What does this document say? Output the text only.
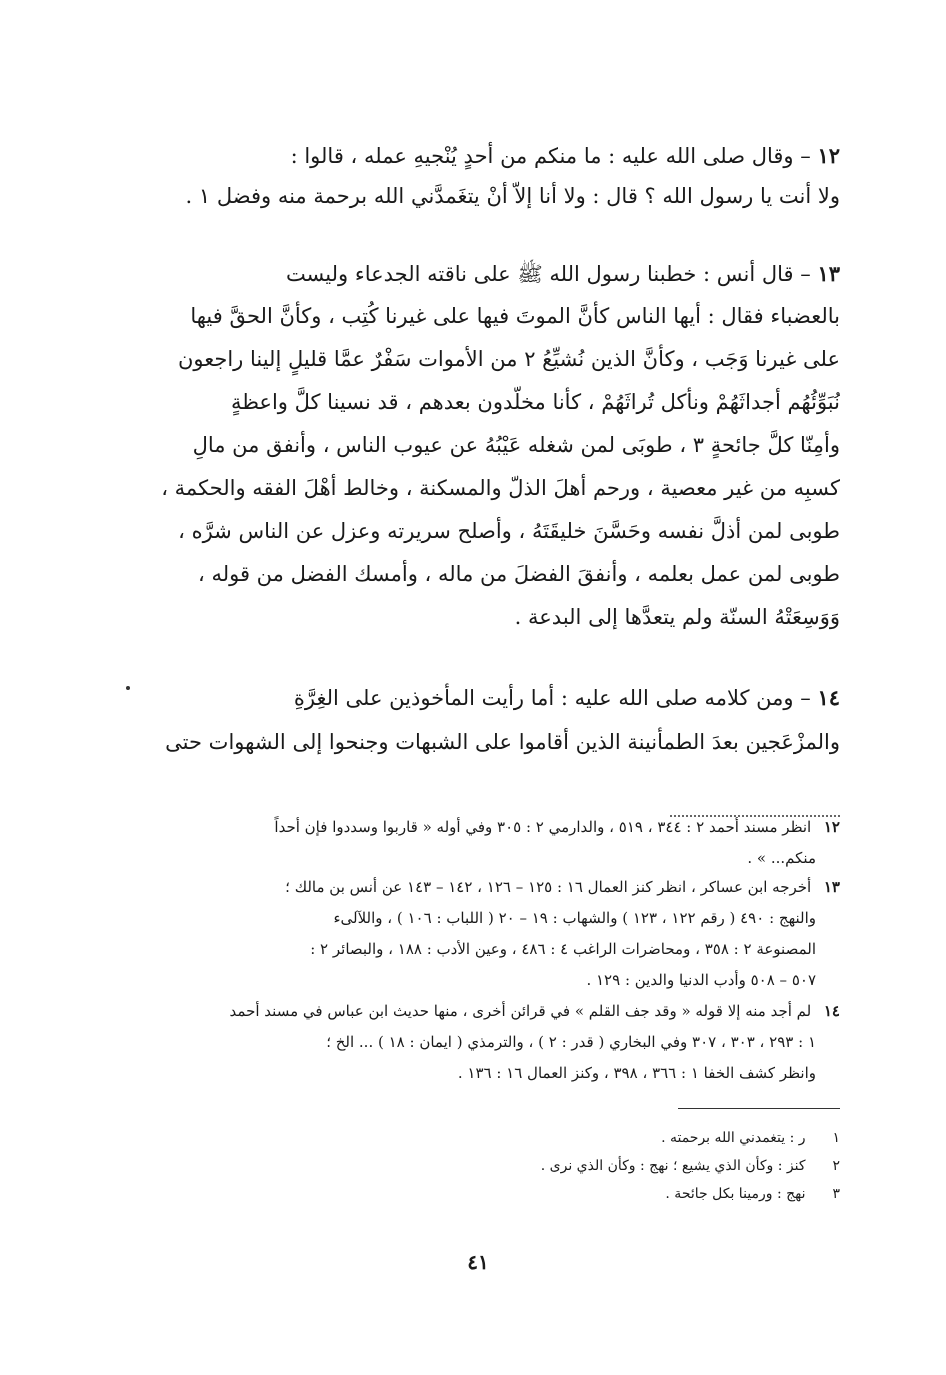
١٢ – وقال صلى الله عليه : ما منكم من أحدٍ يُنْجيهِ عمله ، قالوا :
ولا أنت يا رسول الله ؟ قال : ولا أنا إلاّ أنْ يتغَمدَّني الله برحمة منه وفضل ١ .
١٣ – قال أنس : خطبنا رسول الله ﷺ على ناقته الجدعاء وليست
بالعضباء فقال : أيها الناس كأنَّ الموتَ فيها على غيرنا كُتِب ، وكأنَّ الحقَّ فيها
على غيرنا وَجَب ، وكأنَّ الذين نُشيِّعُ ٢ من الأموات سَفْرٌ عمَّا قليلٍ إلينا راجعون
نُبَوِّئُهُم أجداثَهُمْ ونأكل تُراثَهُمْ ، كأنا مخلّدون بعدهم ، قد نسينا كلَّ واعظةٍ
وأمِنّا كلَّ جائحةٍ ٣ ، طوبَى لمن شغله عَيْبُهُ عن عيوب الناس ، وأنفق من مالِ
كسبِه من غير معصية ، ورحم أهلَ الذلّ والمسكنة ، وخالط أهْلَ الفقه والحكمة ،
طوبى لمن أذلَّ نفسه وحَسَّنَ خليقَتَهُ ، وأصلح سريرته وعزل عن الناس شرَّه ،
طوبى لمن عمل بعلمه ، وأنفقَ الفضلَ من ماله ، وأمسك الفضل من قوله ،
وَوَسِعَتْهُ السنّة ولم يتعدَّها إلى البدعة .
١٤ – ومن كلامه صلى الله عليه : أما رأيت المأخوذين على الغِرَّةِ
والمزْعَجين بعدَ الطمأنينة الذين أقاموا على الشبهات وجنحوا إلى الشهوات حتى
١٢ انظر مسند أحمد ٢ : ٣٤٤ ، ٥١٩ ، والدارمي ٢ : ٣٠٥ وفي أوله « قاربوا وسددوا فإن أحداً
منكم... » .
١٣ أخرجه ابن عساكر ، انظر كنز العمال ١٦ : ١٢٥ – ١٢٦ ، ١٤٢ – ١٤٣ عن أنس بن مالك ؛
والنهج : ٤٩٠ ( رقم ١٢٢ ، ١٢٣ ) والشهاب : ١٩ – ٢٠ ( اللباب : ١٠٦ ) ، واللآلىء
المصنوعة ٢ : ٣٥٨ ، ومحاضرات الراغب ٤ : ٤٨٦ ، وعين الأدب : ١٨٨ ، والبصائر ٢ :
٥٠٧ – ٥٠٨ وأدب الدنيا والدين : ١٢٩ .
١٤ لم أجد منه إلا قوله « وقد جف القلم » في قرائن أخرى ، منها حديث ابن عباس في مسند أحمد
١ : ٢٩٣ ، ٣٠٣ ، ٣٠٧ وفي البخاري ( قدر : ٢ ) ، والترمذي ( ايمان : ١٨ ) ... الخ ؛
وانظر كشف الخفا ١ : ٣٦٦ ، ٣٩٨ ، وكنز العمال ١٦ : ١٣٦ .
١ ر : يتغمدني الله برحمته .
٢ كنز : وكأن الذي يشيع ؛ نهج : وكأن الذي نرى .
٣ نهج : ورمينا بكل جائحة .
٤١
